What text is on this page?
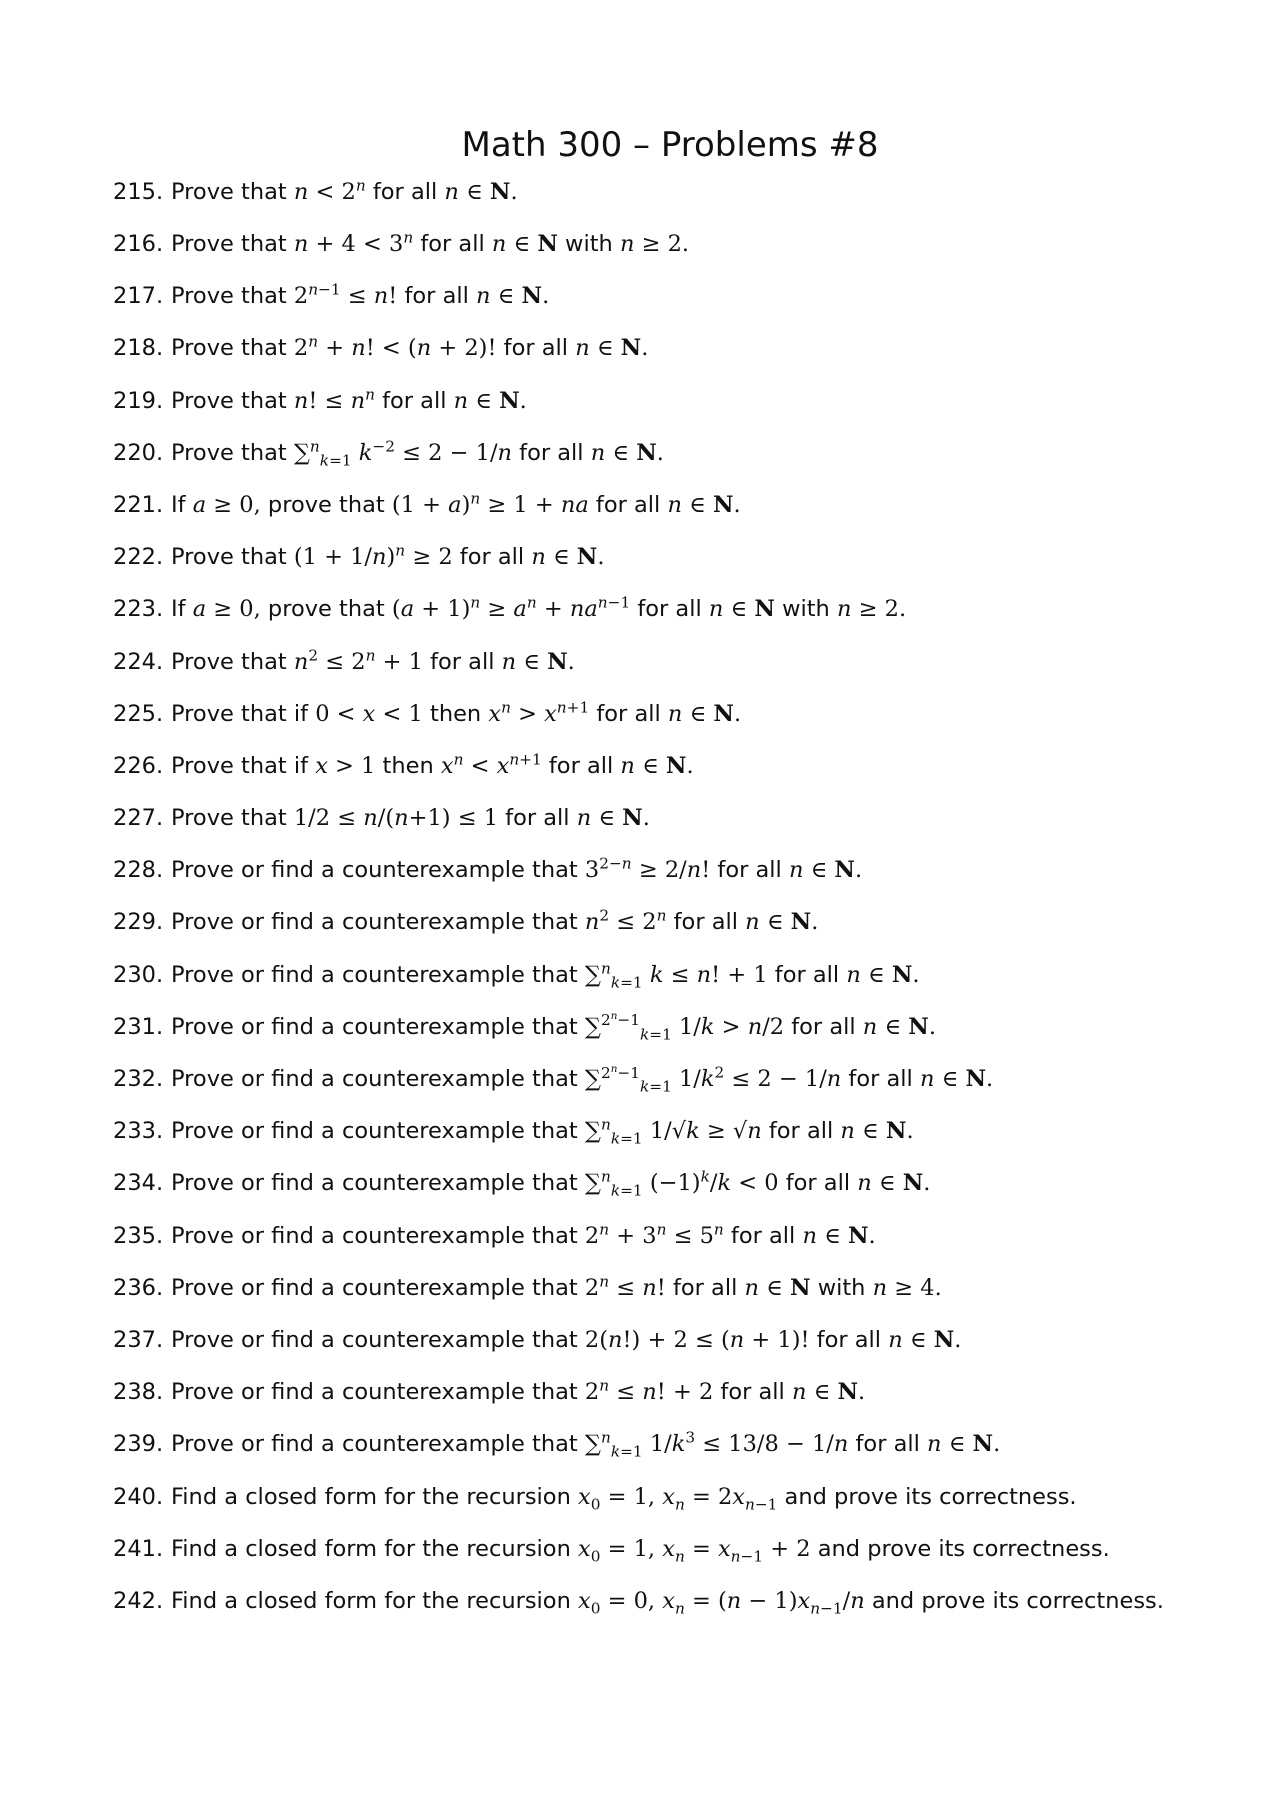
Math 300 – Problems #8
215. Prove that $n < 2^n$ for all n ∈ N.
216. Prove that $n + 4 < 3^n$ for all n ∈ N with n ≥ 2.
217. Prove that $2^{n-1} \le n$! for all n ∈ N.
218. Prove that $2^n + n$! < (n + 2)! for all n ∈ N.
219. Prove that n! ≤ $n^n$ for all n ∈ N.
220. Prove that ∑$^n_{k=1}$ $k^{-2} \le 2 - 1/n$ for all n ∈ N.
221. If a ≥ 0, prove that $(1 + a)^n \ge 1$ + na for all n ∈ N.
222. Prove that $(1 + 1/n)^n \ge 2$ for all n ∈ N.
223. If a ≥ 0, prove that $(a + 1)^n \ge a^n + na^{n-1}$ for all n ∈ N with n ≥ 2.
224. Prove that $n^2 \le 2^n + 1$ for all n ∈ N.
225. Prove that if 0 < x < 1 then $x^n > x^{n+1}$ for all n ∈ N.
226. Prove that if x > 1 then $x^n < x^{n+1}$ for all n ∈ N.
227. Prove that 1/2 ≤ n/(n+1) ≤ 1 for all n ∈ N.
228. Prove or find a counterexample that $3^{2-n} \ge 2/n$! for all n ∈ N.
229. Prove or find a counterexample that $n^2 \le 2^n$ for all n ∈ N.
230. Prove or find a counterexample that ∑$^n_{k=1}$ k ≤ n! + 1 for all n ∈ N.
231. Prove or find a counterexample that ∑$^{2^n-1}_{k=1}$ 1/k > n/2 for all n ∈ N.
232. Prove or find a counterexample that ∑$^{2^n-1}_{k=1}$ $1/k^2 \le 2 - 1/n$ for all n ∈ N.
233. Prove or find a counterexample that ∑$^n_{k=1}$ 1/√k ≥ √n for all n ∈ N.
234. Prove or find a counterexample that ∑$^n_{k=1}$ $(-1)^k/k < 0$ for all n ∈ N.
235. Prove or find a counterexample that $2^n + 3^n \le 5^n$ for all n ∈ N.
236. Prove or find a counterexample that $2^n \le n$! for all n ∈ N with n ≥ 4.
237. Prove or find a counterexample that 2(n!) + 2 ≤ (n + 1)! for all n ∈ N.
238. Prove or find a counterexample that $2^n \le n$! + 2 for all n ∈ N.
239. Prove or find a counterexample that ∑$^n_{k=1}$ $1/k^3 \le 13/8 - 1/n$ for all n ∈ N.
240. Find a closed form for the recursion $x_0 = 1$, $x_n = 2x_{n-1}$ and prove its correctness.
241. Find a closed form for the recursion $x_0 = 1$, $x_n = x_{n-1} + 2$ and prove its correctness.
242. Find a closed form for the recursion $x_0 = 0$, $x_n = (n - 1)x_{n-1}/n$ and prove its correctness.
